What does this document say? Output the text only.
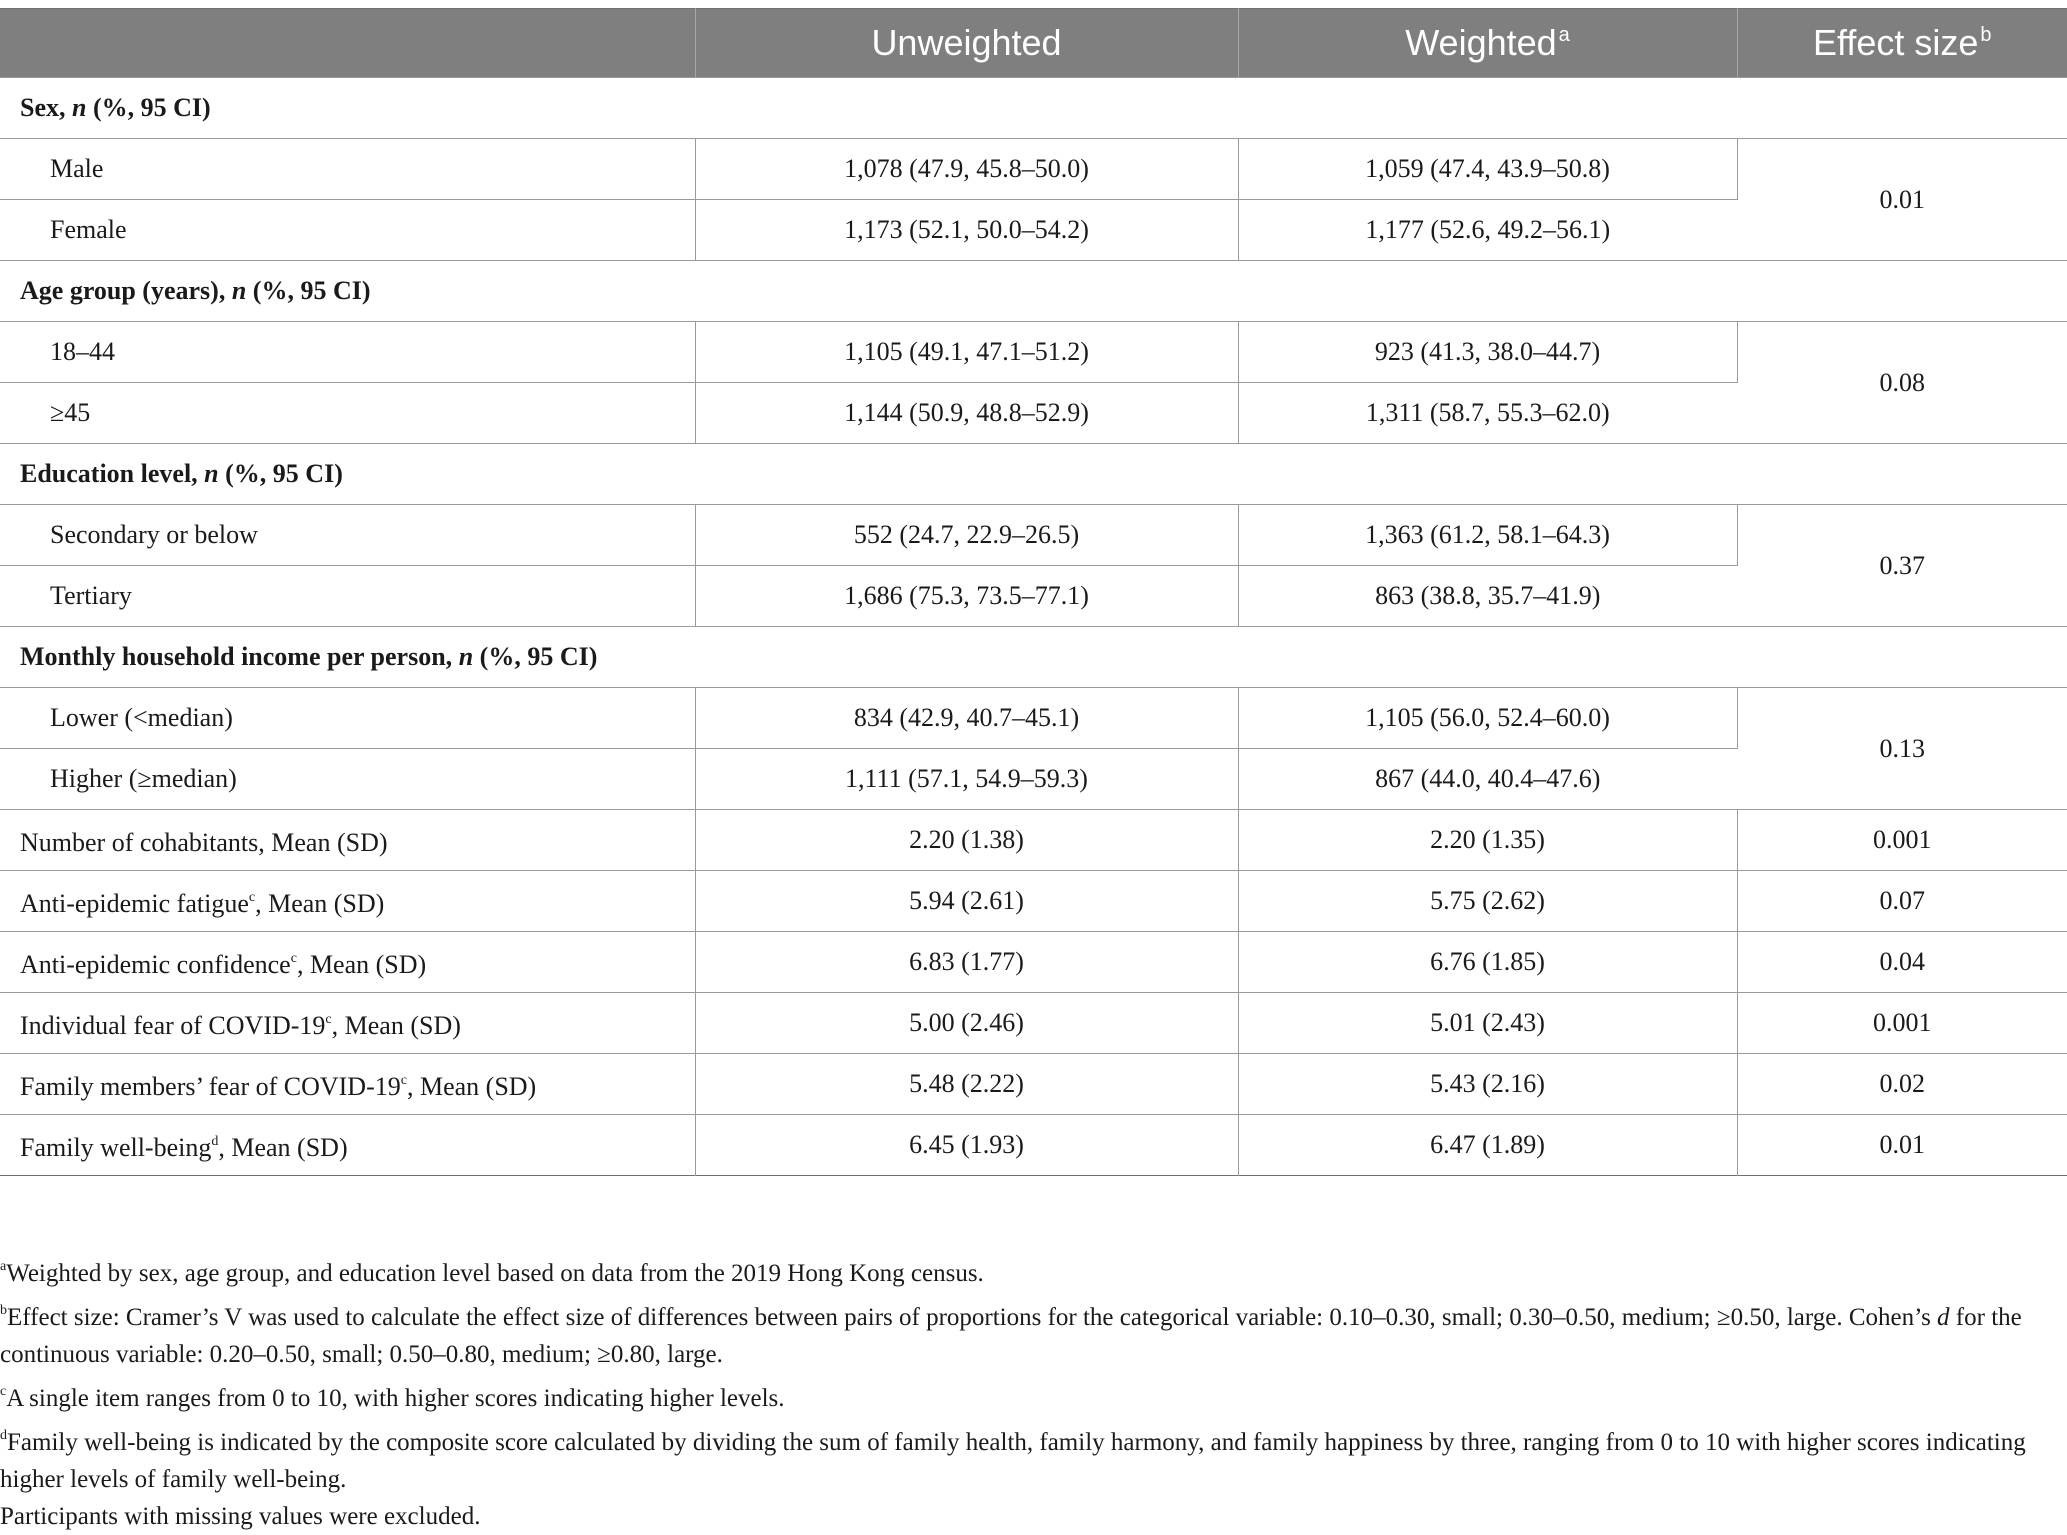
	Unweighted	Weighted $^a$	Effect size $^b$
Sex, n (%, 95 CI)			
Male	1,078 (47.9, 45.8–50.0)	1,059 (47.4, 43.9–50.8)	0.01
Female	1,173 (52.1, 50.0–54.2)	1,177 (52.6, 49.2–56.1)	
Age group (years), n (%, 95 CI)			
18–44	1,105 (49.1, 47.1–51.2)	923 (41.3, 38.0–44.7)	0.08
≥45	1,144 (50.9, 48.8–52.9)	1,311 (58.7, 55.3–62.0)	
Education level, n (%, 95 CI)			
Secondary or below	552 (24.7, 22.9–26.5)	1,363 (61.2, 58.1–64.3)	0.37
Tertiary	1,686 (75.3, 73.5–77.1)	863 (38.8, 35.7–41.9)	
Monthly household income per person, n (%, 95 CI)			
Lower (<median)	834 (42.9, 40.7–45.1)	1,105 (56.0, 52.4–60.0)	0.13
Higher (≥median)	1,111 (57.1, 54.9–59.3)	867 (44.0, 40.4–47.6)	
Number of cohabitants, Mean (SD)	2.20 (1.38)	2.20 (1.35)	0.001
Anti-epidemic fatigue$^c$, Mean (SD)	5.94 (2.61)	5.75 (2.62)	0.07
Anti-epidemic confidence$^c$, Mean (SD)	6.83 (1.77)	6.76 (1.85)	0.04
Individual fear of COVID-19$^c$, Mean (SD)	5.00 (2.46)	5.01 (2.43)	0.001
Family members’ fear of COVID-19$^c$, Mean (SD)	5.48 (2.22)	5.43 (2.16)	0.02
Family well-being$^d$, Mean (SD)	6.45 (1.93)	6.47 (1.89)	0.01

$^a$Weighted by sex, age group, and education level based on data from the 2019 Hong Kong census.

$^b$Effect size: Cramer’s V was used to calculate the effect size of differences between pairs of proportions for the categorical variable: 0.10–0.30, small; 0.30–0.50, medium; ≥0.50, large. Cohen’s d for the continuous variable: 0.20–0.50, small; 0.50–0.80, medium; ≥0.80, large.

$^c$A single item ranges from 0 to 10, with higher scores indicating higher levels.

$^d$Family well-being is indicated by the composite score calculated by dividing the sum of family health, family harmony, and family happiness by three, ranging from 0 to 10 with higher scores indicating higher levels of family well-being.

Participants with missing values were excluded.
